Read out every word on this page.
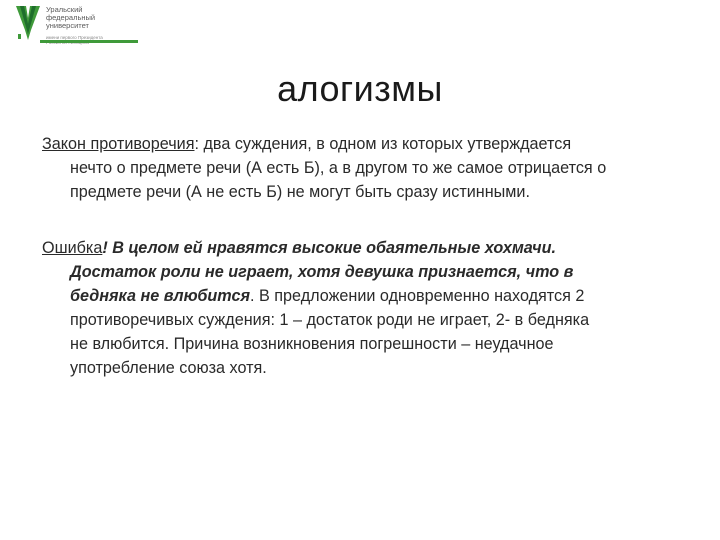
Уральский
федеральный
университет
имени первого Президента

алогизмы
Закон противоречия: два суждения, в одном из которых утверждается
нечто о предмете речи (А есть Б), а в другом то же самое отрицается о
предмете речи (А не есть Б) не могут быть сразу истинными.
Ошибка! В целом ей нравятся высокие обаятельные хохмачи.
Достаток роли не играет, хотя девушка признается, что в
бедняка не влюбится. В предложении одновременно находятся 2
противоречивых суждения: 1 – достаток роди не играет, 2- в бедняка
не влюбится. Причина возникновения погрешности – неудачное
употребление союза хотя.
